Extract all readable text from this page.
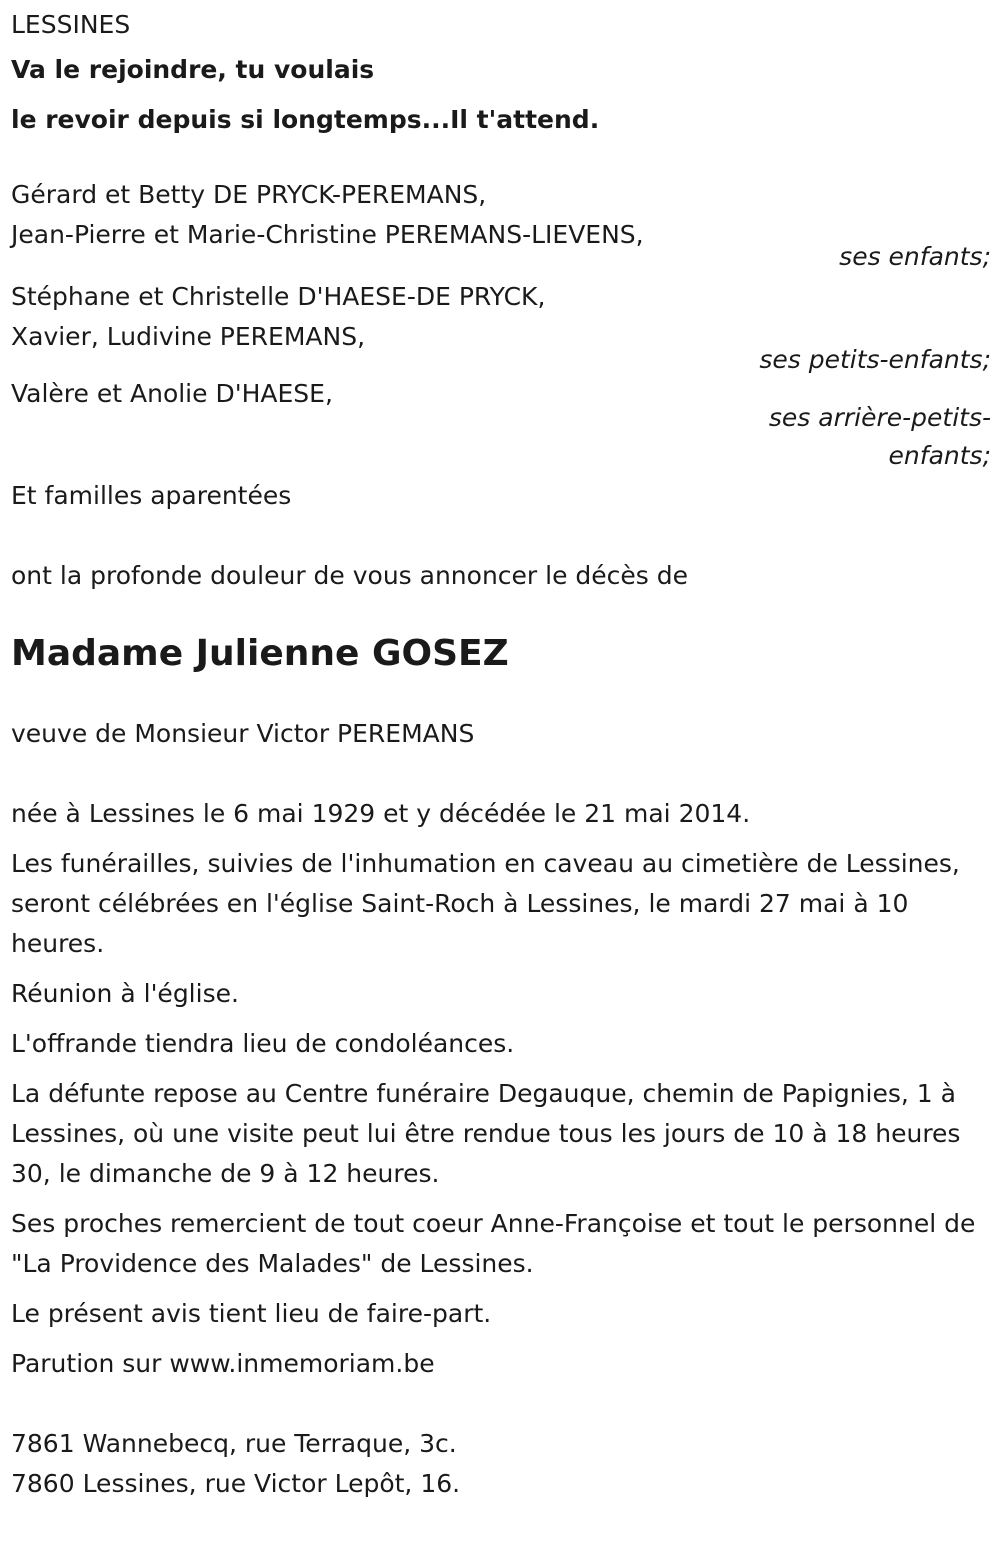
LESSINES
Va le rejoindre, tu voulais
le revoir depuis si longtemps...Il t'attend.
Gérard et Betty DE PRYCK-PEREMANS,
Jean-Pierre et Marie-Christine PEREMANS-LIEVENS,
ses enfants;
Stéphane et Christelle D'HAESE-DE PRYCK,
Xavier, Ludivine PEREMANS,
ses petits-enfants;
Valère et Anolie D'HAESE,
ses arrière-petits-
enfants;
Et familles aparentées
ont la profonde douleur de vous annoncer le décès de
Madame Julienne GOSEZ
veuve de Monsieur Victor PEREMANS
née à Lessines le 6 mai 1929 et y décédée le 21 mai 2014.
Les funérailles, suivies de l'inhumation en caveau au cimetière de Lessines, seront célébrées en l'église Saint-Roch à Lessines, le mardi 27 mai à 10 heures.
Réunion à l'église.
L'offrande tiendra lieu de condoléances.
La défunte repose au Centre funéraire Degauque, chemin de Papignies, 1 à Lessines, où une visite peut lui être rendue tous les jours de 10 à 18 heures 30, le dimanche de 9 à 12 heures.
Ses proches remercient de tout coeur Anne-Françoise et tout le personnel de "La Providence des Malades" de Lessines.
Le présent avis tient lieu de faire-part.
Parution sur www.inmemoriam.be
7861 Wannebecq, rue Terraque, 3c.
7860 Lessines, rue Victor Lepôt, 16.
